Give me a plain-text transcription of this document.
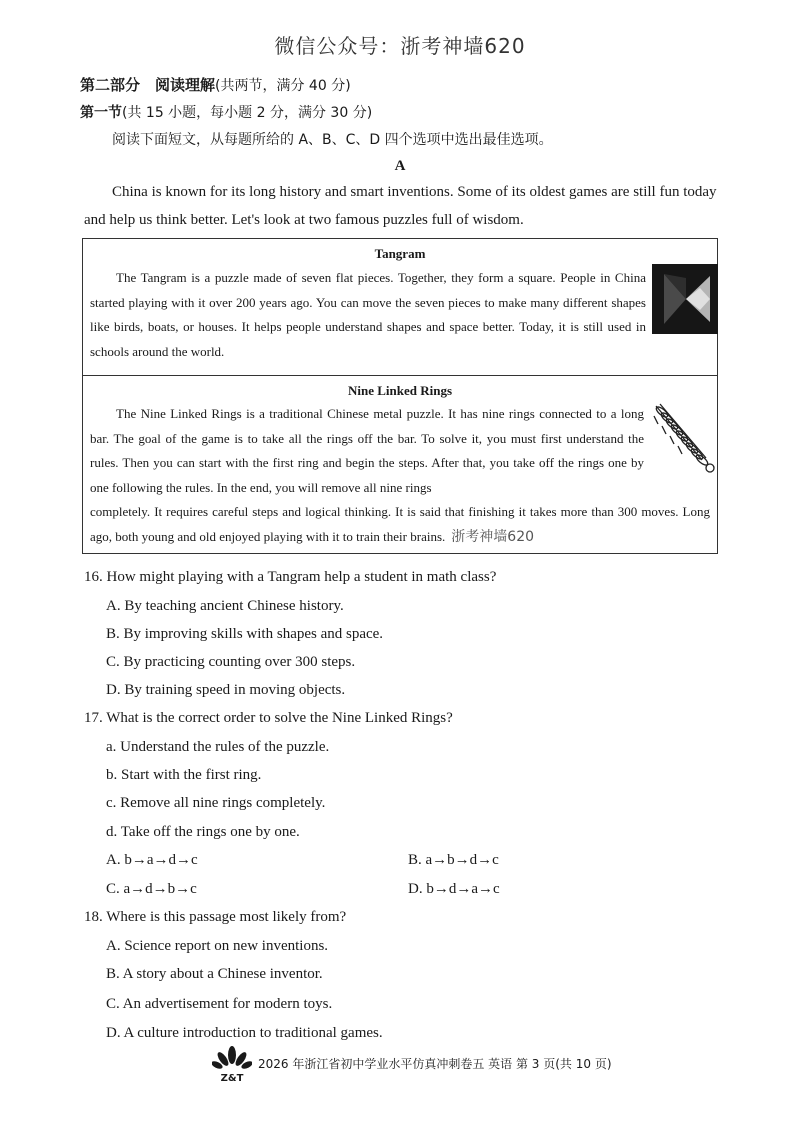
微信公众号：浙考神墙620
第二部分　阅读理解(共两节，满分 40 分)
第一节(共 15 小题，每小题 2 分，满分 30 分)
阅读下面短文，从每题所给的 A、B、C、D 四个选项中选出最佳选项。
A
China is known for its long history and smart inventions. Some of its oldest games are still fun today and help us think better. Let's look at two famous puzzles full of wisdom.
Tangram
The Tangram is a puzzle made of seven flat pieces. Together, they form a square. People in China started playing with it over 200 years ago. You can move the seven pieces to make many different shapes like birds, boats, or houses. It helps people understand shapes and space better. Today, it is still used in schools around the world.
Nine Linked Rings
The Nine Linked Rings is a traditional Chinese metal puzzle. It has nine rings connected to a long bar. The goal of the game is to take all the rings off the bar. To solve it, you must first understand the rules. Then you can start with the first ring and begin the steps. After that, you take off the rings one by one following the rules. In the end, you will remove all nine rings
completely. It requires careful steps and logical thinking. It is said that finishing it takes more than 300 moves. Long ago, both young and old enjoyed playing with it to train their brains. 浙考神墙620
16. How might playing with a Tangram help a student in math class?
A. By teaching ancient Chinese history.
B. By improving skills with shapes and space.
C. By practicing counting over 300 steps.
D. By training speed in moving objects.
17. What is the correct order to solve the Nine Linked Rings?
a. Understand the rules of the puzzle.
b. Start with the first ring.
c. Remove all nine rings completely.
d. Take off the rings one by one.
A. b→a→d→c	B. a→b→d→c
C. a→d→b→c	D. b→d→a→c
18. Where is this passage most likely from?
A. Science report on new inventions.
B. A story about a Chinese inventor.
C. An advertisement for modern toys.
D. A culture introduction to traditional games.
Z&T
2026 年浙江省初中学业水平仿真冲刺卷五 英语 第 3 页(共 10 页)
